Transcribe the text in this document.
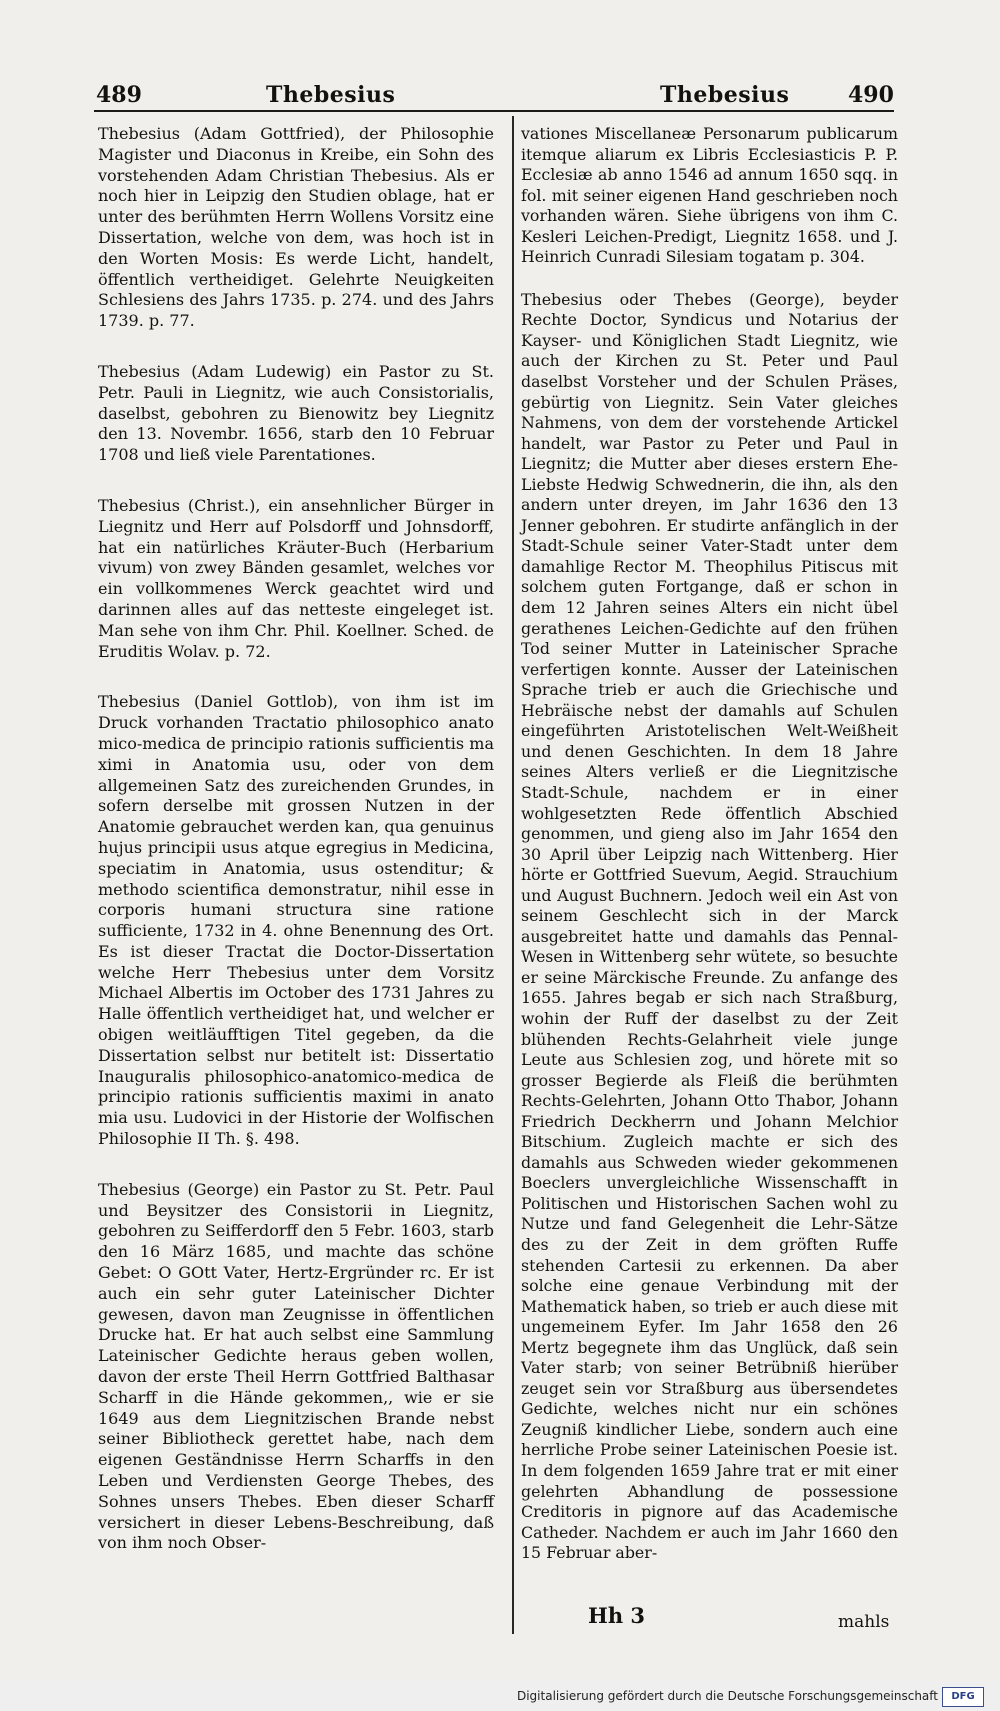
489	Thebesius	Thebesius	490

Thebesius (Adam Gottfried), der Philosophie Magister und Diaconus in Kreibe, ein Sohn des vorstehenden Adam Christian Thebesius. Als er noch hier in Leipzig den Studien oblage, hat er unter des berühmten Herrn Wollens Vorsitz eine Dissertation, welche von dem, was hoch ist in den Worten Mosis: Es werde Licht, handelt, öffentlich vertheidiget. Gelehrte Neuigkeiten Schlesiens des Jahrs 1735. p. 274. und des Jahrs 1739. p. 77.

Thebesius (Adam Ludewig) ein Pastor zu St. Petr. Pauli in Liegnitz, wie auch Consistorialis, daselbst, gebohren zu Bienowitz bey Liegnitz den 13. Novembr. 1656, starb den 10 Februar 1708 und ließ viele Parentationes.

Thebesius (Christ.), ein ansehnlicher Bürger in Liegnitz und Herr auf Polsdorff und Johnsdorff, hat ein natürliches Kräuter-Buch (Herbarium vivum) von zwey Bänden gesamlet, welches vor ein vollkommenes Werck geachtet wird und darinnen alles auf das netteste eingeleget ist. Man sehe von ihm Chr. Phil. Koellner. Sched. de Eruditis Wolav. p. 72.

Thebesius (Daniel Gottlob), von ihm ist im Druck vorhanden Tractatio philosophico anato mico-medica de principio rationis sufficientis ma ximi in Anatomia usu, oder von dem allgemeinen Satz des zureichenden Grundes, in sofern derselbe mit grossen Nutzen in der Anatomie gebrauchet werden kan, qua genuinus hujus principii usus atque egregius in Medicina, speciatim in Anatomia, usus ostenditur; & methodo scientifica demonstratur, nihil esse in corporis humani structura sine ratione sufficiente, 1732 in 4. ohne Benennung des Ort. Es ist dieser Tractat die Doctor-Dissertation welche Herr Thebesius unter dem Vorsitz Michael Albertis im October des 1731 Jahres zu Halle öffentlich vertheidiget hat, und welcher er obigen weitläufftigen Titel gegeben, da die Dissertation selbst nur betitelt ist: Dissertatio Inauguralis philosophico-anatomico-medica de principio rationis sufficientis maximi in anato mia usu. Ludovici in der Historie der Wolfischen Philosophie II Th. §. 498.

Thebesius (George) ein Pastor zu St. Petr. Paul und Beysitzer des Consistorii in Liegnitz, gebohren zu Seifferdorff den 5 Febr. 1603, starb den 16 März 1685, und machte das schöne Gebet: O GOtt Vater, Hertz-Ergründer rc. Er ist auch ein sehr guter Lateinischer Dichter gewesen, davon man Zeugnisse in öffentlichen Drucke hat. Er hat auch selbst eine Sammlung Lateinischer Gedichte heraus geben wollen, davon der erste Theil Herrn Gottfried Balthasar Scharff in die Hände gekommen,, wie er sie 1649 aus dem Liegnitzischen Brande nebst seiner Bibliotheck gerettet habe, nach dem eigenen Geständnisse Herrn Scharffs in den Leben und Verdiensten George Thebes, des Sohnes unsers Thebes. Eben dieser Scharff versichert in dieser Lebens-Beschreibung, daß von ihm noch Obser-

vationes Miscellaneæ Personarum publicarum itemque aliarum ex Libris Ecclesiasticis P. P. Ecclesiæ ab anno 1546 ad annum 1650 sqq. in fol. mit seiner eigenen Hand geschrieben noch vorhanden wären. Siehe übrigens von ihm C. Kesleri Leichen-Predigt, Liegnitz 1658. und J. Heinrich Cunradi Silesiam togatam p. 304.

Thebesius oder Thebes (George), beyder Rechte Doctor, Syndicus und Notarius der Kayser- und Königlichen Stadt Liegnitz, wie auch der Kirchen zu St. Peter und Paul daselbst Vorsteher und der Schulen Präses, gebürtig von Liegnitz. Sein Vater gleiches Nahmens, von dem der vorstehende Artickel handelt, war Pastor zu Peter und Paul in Liegnitz; die Mutter aber dieses erstern Ehe-Liebste Hedwig Schwednerin, die ihn, als den andern unter dreyen, im Jahr 1636 den 13 Jenner gebohren. Er studirte anfänglich in der Stadt-Schule seiner Vater-Stadt unter dem damahlige Rector M. Theophilus Pitiscus mit solchem guten Fortgange, daß er schon in dem 12 Jahren seines Alters ein nicht übel gerathenes Leichen-Gedichte auf den frühen Tod seiner Mutter in Lateinischer Sprache verfertigen konnte. Ausser der Lateinischen Sprache trieb er auch die Griechische und Hebräische nebst der damahls auf Schulen eingeführten Aristotelischen Welt-Weißheit und denen Geschichten. In dem 18 Jahre seines Alters verließ er die Liegnitzische Stadt-Schule, nachdem er in einer wohlgesetzten Rede öffentlich Abschied genommen, und gieng also im Jahr 1654 den 30 April über Leipzig nach Wittenberg. Hier hörte er Gottfried Suevum, Aegid. Strauchium und August Buchnern. Jedoch weil ein Ast von seinem Geschlecht sich in der Marck ausgebreitet hatte und damahls das Pennal-Wesen in Wittenberg sehr wütete, so besuchte er seine Märckische Freunde. Zu anfange des 1655. Jahres begab er sich nach Straßburg, wohin der Ruff der daselbst zu der Zeit blühenden Rechts-Gelahrheit viele junge Leute aus Schlesien zog, und hörete mit so grosser Begierde als Fleiß die berühmten Rechts-Gelehrten, Johann Otto Thabor, Johann Friedrich Deckherrn und Johann Melchior Bitschium. Zugleich machte er sich des damahls aus Schweden wieder gekommenen Boeclers unvergleichliche Wissenschafft in Politischen und Historischen Sachen wohl zu Nutze und fand Gelegenheit die Lehr-Sätze des zu der Zeit in dem gröften Ruffe stehenden Cartesii zu erkennen. Da aber solche eine genaue Verbindung mit der Mathematick haben, so trieb er auch diese mit ungemeinem Eyfer. Im Jahr 1658 den 26 Mertz begegnete ihm das Unglück, daß sein Vater starb; von seiner Betrübniß hierüber zeuget sein vor Straßburg aus übersendetes Gedichte, welches nicht nur ein schönes Zeugniß kindlicher Liebe, sondern auch eine herrliche Probe seiner Lateinischen Poesie ist. In dem folgenden 1659 Jahre trat er mit einer gelehrten Abhandlung de possessione Creditoris in pignore auf das Academische Catheder. Nachdem er auch im Jahr 1660 den 15 Februar aber-

Hh 3	mahls

Digitalisierung gefördert durch die Deutsche Forschungsgemeinschaft	DFG
